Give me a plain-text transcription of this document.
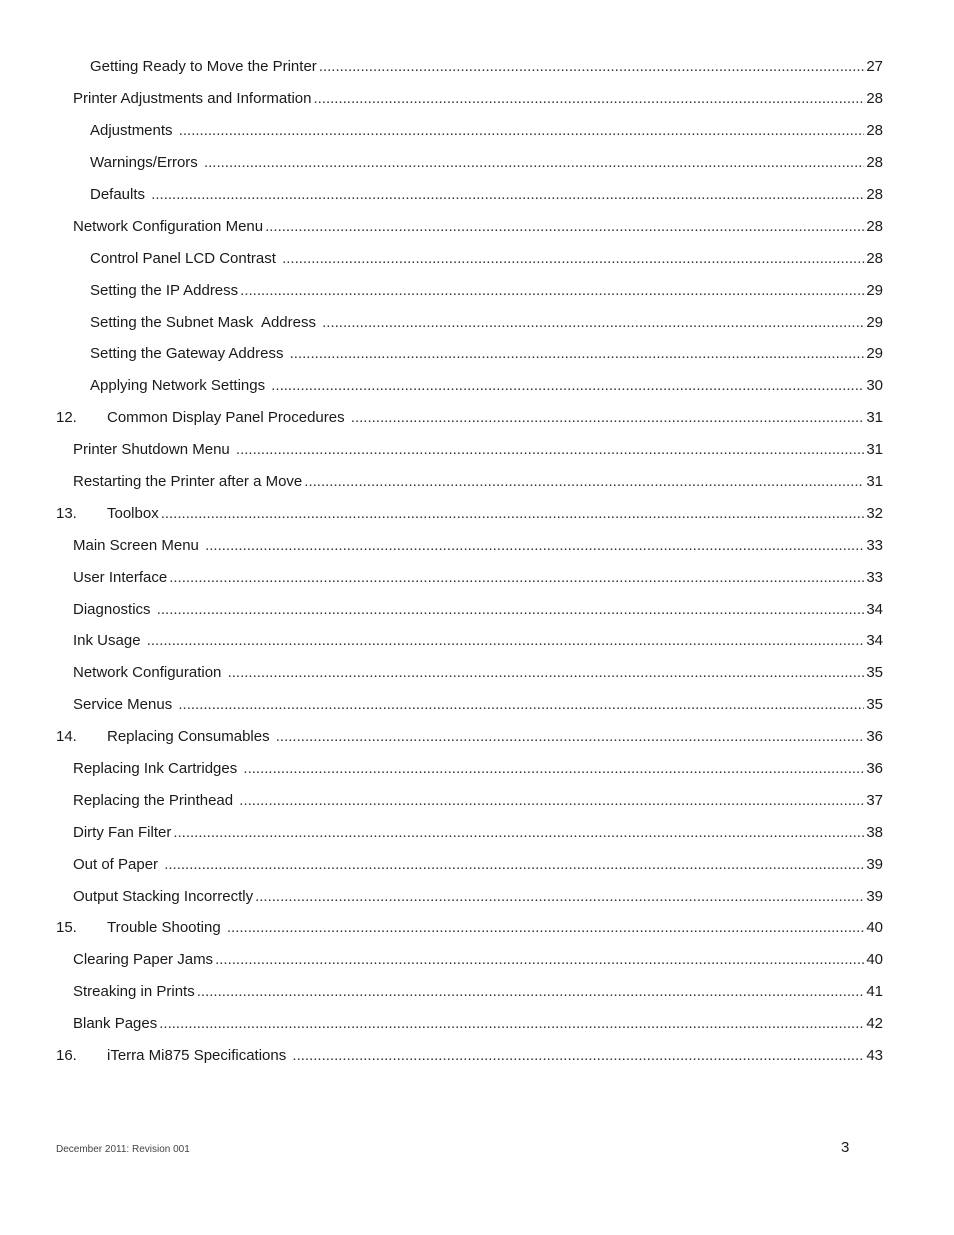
Getting Ready to Move the Printer .....	27
Printer Adjustments and Information .....	28
Adjustments .....	28
Warnings/Errors .....	28
Defaults .....	28
Network Configuration Menu .....	28
Control Panel LCD Contrast .....	28
Setting the IP Address .....	29
Setting the Subnet Mask  Address .....	29
Setting the Gateway Address .....	29
Applying Network Settings .....	30
12.	Common Display Panel Procedures .....	31
Printer Shutdown Menu .....	31
Restarting the Printer after a Move .....	31
13.	Toolbox .....	32
Main Screen Menu .....	33
User Interface .....	33
Diagnostics .....	34
Ink Usage .....	34
Network Configuration .....	35
Service Menus .....	35
14.	Replacing Consumables .....	36
Replacing Ink Cartridges .....	36
Replacing the Printhead .....	37
Dirty Fan Filter .....	38
Out of Paper .....	39
Output Stacking Incorrectly .....	39
15.	Trouble Shooting .....	40
Clearing Paper Jams .....	40
Streaking in Prints .....	41
Blank Pages .....	42
16.	iTerra Mi875 Specifications .....	43
December 2011: Revision 001	3
